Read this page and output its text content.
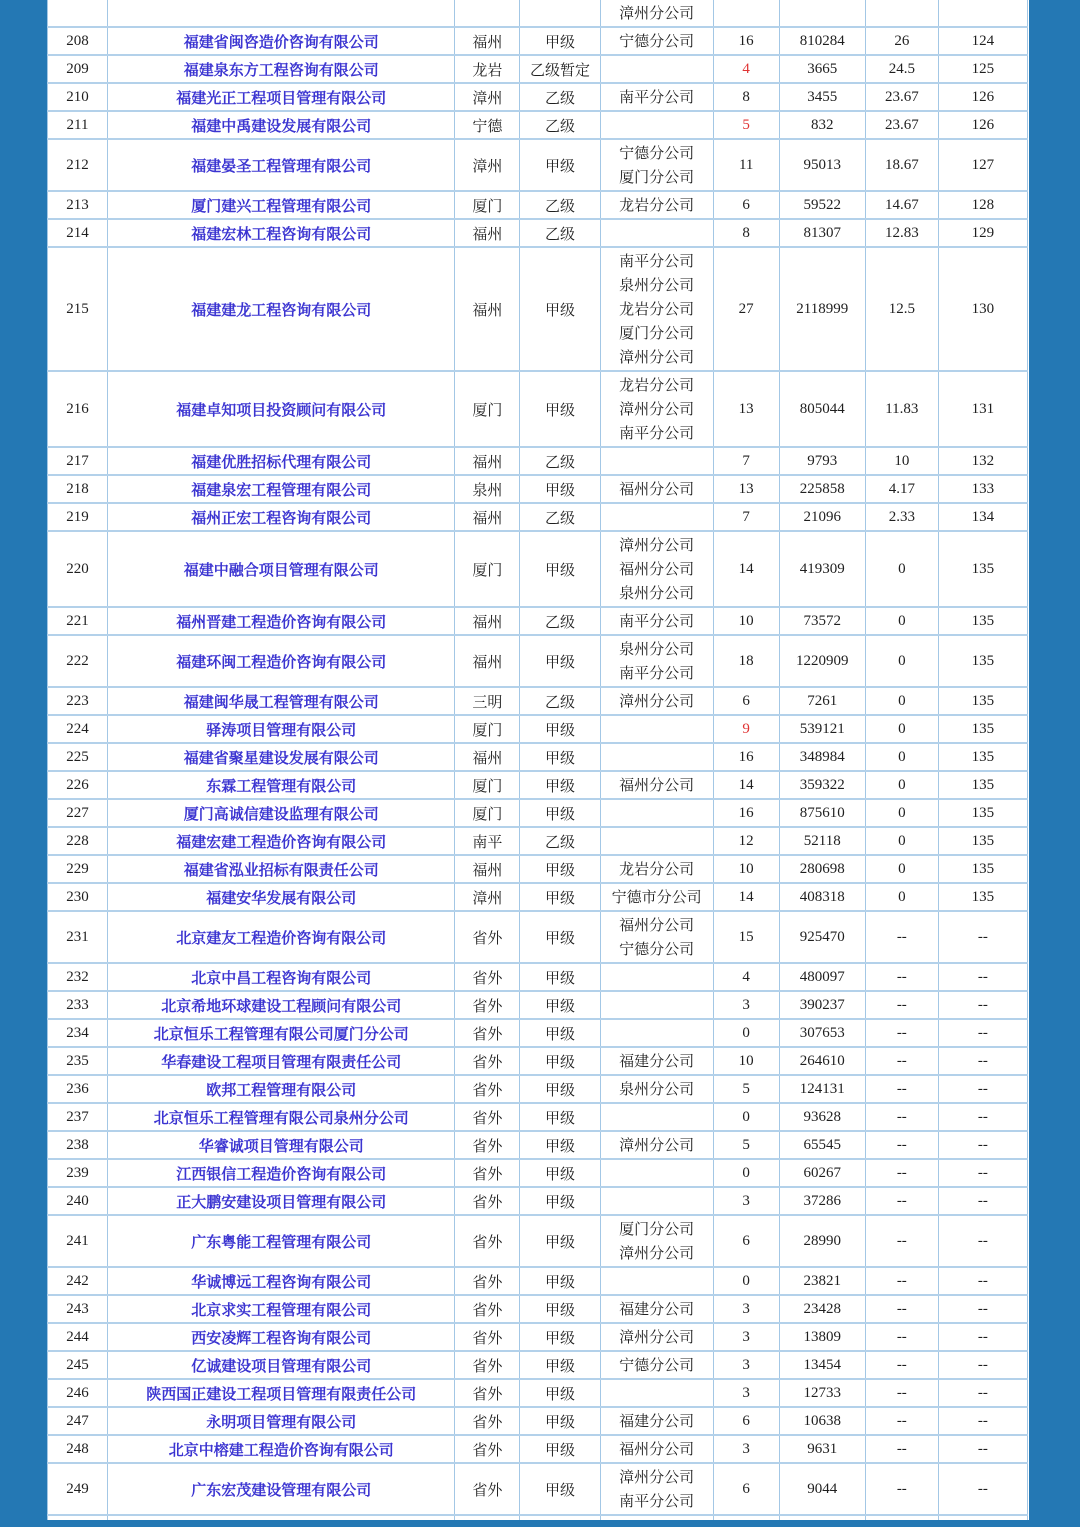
				漳州分公司				

208	福建省闽咨造价咨询有限公司	福州	甲级	宁德分公司	16	810284	26	124
209	福建泉东方工程咨询有限公司	龙岩	乙级暂定		4	3665	24.5	125
210	福建光正工程项目管理有限公司	漳州	乙级	南平分公司	8	3455	23.67	126
211	福建中禹建设发展有限公司	宁德	乙级		5	832	23.67	126
212	福建晏圣工程管理有限公司	漳州	甲级	宁德分公司
厦门分公司	11	95013	18.67	127
213	厦门建兴工程管理有限公司	厦门	乙级	龙岩分公司	6	59522	14.67	128
214	福建宏林工程咨询有限公司	福州	乙级		8	81307	12.83	129
215	福建建龙工程咨询有限公司	福州	甲级	南平分公司
泉州分公司
龙岩分公司
厦门分公司
漳州分公司	27	2118999	12.5	130
216	福建卓知项目投资顾问有限公司	厦门	甲级	龙岩分公司
漳州分公司
南平分公司	13	805044	11.83	131
217	福建优胜招标代理有限公司	福州	乙级		7	9793	10	132
218	福建泉宏工程管理有限公司	泉州	甲级	福州分公司	13	225858	4.17	133
219	福州正宏工程咨询有限公司	福州	乙级		7	21096	2.33	134
220	福建中融合项目管理有限公司	厦门	甲级	漳州分公司
福州分公司
泉州分公司	14	419309	0	135
221	福州晋建工程造价咨询有限公司	福州	乙级	南平分公司	10	73572	0	135
222	福建环闽工程造价咨询有限公司	福州	甲级	泉州分公司
南平分公司	18	1220909	0	135
223	福建闽华晟工程管理有限公司	三明	乙级	漳州分公司	6	7261	0	135
224	驿涛项目管理有限公司	厦门	甲级		9	539121	0	135
225	福建省聚星建设发展有限公司	福州	甲级		16	348984	0	135
226	东霖工程管理有限公司	厦门	甲级	福州分公司	14	359322	0	135
227	厦门高诚信建设监理有限公司	厦门	甲级		16	875610	0	135
228	福建宏建工程造价咨询有限公司	南平	乙级		12	52118	0	135
229	福建省泓业招标有限责任公司	福州	甲级	龙岩分公司	10	280698	0	135
230	福建安华发展有限公司	漳州	甲级	宁德市分公司	14	408318	0	135
231	北京建友工程造价咨询有限公司	省外	甲级	福州分公司
宁德分公司	15	925470	--	--
232	北京中昌工程咨询有限公司	省外	甲级		4	480097	--	--
233	北京希地环球建设工程顾问有限公司	省外	甲级		3	390237	--	--
234	北京恒乐工程管理有限公司厦门分公司	省外	甲级		0	307653	--	--
235	华春建设工程项目管理有限责任公司	省外	甲级	福建分公司	10	264610	--	--
236	欧邦工程管理有限公司	省外	甲级	泉州分公司	5	124131	--	--
237	北京恒乐工程管理有限公司泉州分公司	省外	甲级		0	93628	--	--
238	华睿诚项目管理有限公司	省外	甲级	漳州分公司	5	65545	--	--
239	江西银信工程造价咨询有限公司	省外	甲级		0	60267	--	--
240	正大鹏安建设项目管理有限公司	省外	甲级		3	37286	--	--
241	广东粤能工程管理有限公司	省外	甲级	厦门分公司
漳州分公司	6	28990	--	--
242	华诚博远工程咨询有限公司	省外	甲级		0	23821	--	--
243	北京求实工程管理有限公司	省外	甲级	福建分公司	3	23428	--	--
244	西安凌辉工程咨询有限公司	省外	甲级	漳州分公司	3	13809	--	--
245	亿诚建设项目管理有限公司	省外	甲级	宁德分公司	3	13454	--	--
246	陕西国正建设工程项目管理有限责任公司	省外	甲级		3	12733	--	--
247	永明项目管理有限公司	省外	甲级	福建分公司	6	10638	--	--
248	北京中榕建工程造价咨询有限公司	省外	甲级	福州分公司	3	9631	--	--
249	广东宏茂建设管理有限公司	省外	甲级	漳州分公司
南平分公司	6	9044	--	--
